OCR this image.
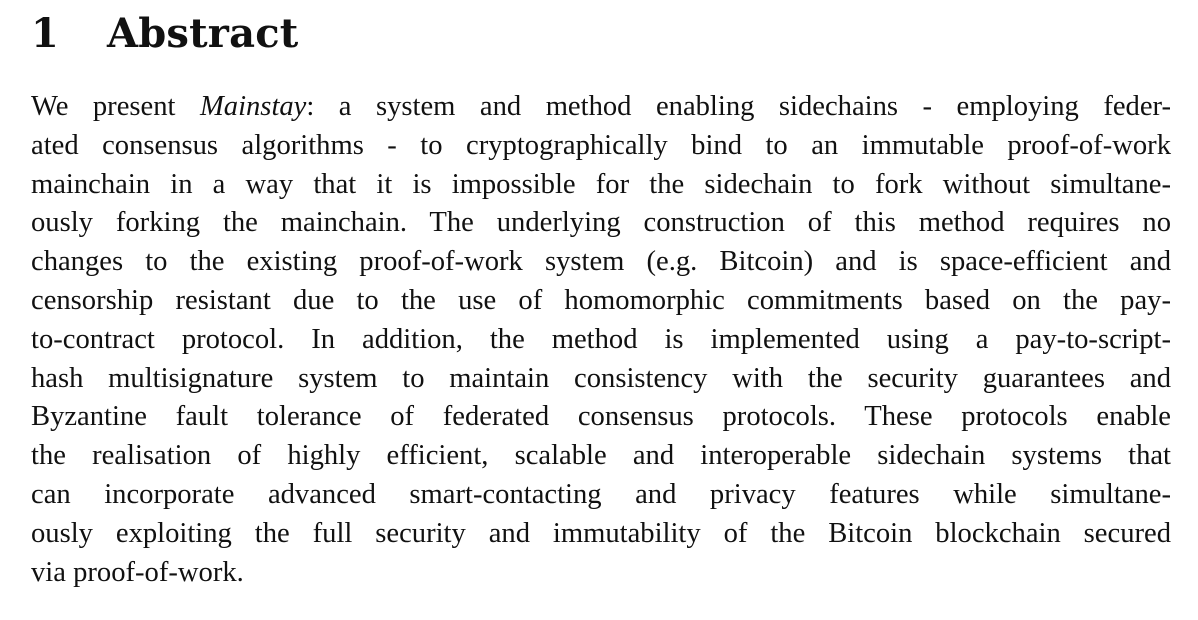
1 Abstract
We present Mainstay: a system and method enabling sidechains - employing feder-
ated consensus algorithms - to cryptographically bind to an immutable proof-of-work
mainchain in a way that it is impossible for the sidechain to fork without simultane-
ously forking the mainchain. The underlying construction of this method requires no
changes to the existing proof-of-work system (e.g. Bitcoin) and is space-efficient and
censorship resistant due to the use of homomorphic commitments based on the pay-
to-contract protocol. In addition, the method is implemented using a pay-to-script-
hash multisignature system to maintain consistency with the security guarantees and
Byzantine fault tolerance of federated consensus protocols. These protocols enable
the realisation of highly efficient, scalable and interoperable sidechain systems that
can incorporate advanced smart-contacting and privacy features while simultane-
ously exploiting the full security and immutability of the Bitcoin blockchain secured
via proof-of-work.
